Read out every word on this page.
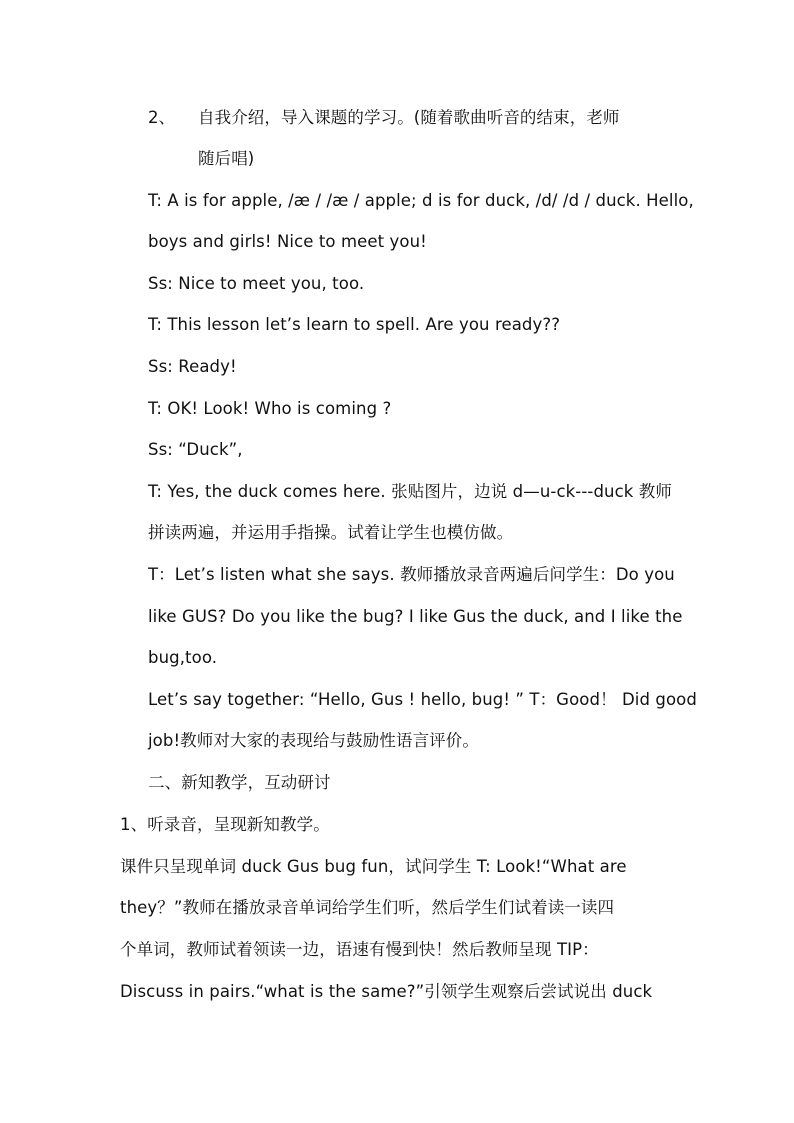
2、 自我介绍，导入课题的学习。(随着歌曲听音的结束，老师
随后唱)
T: A is for apple, /æ / /æ / apple; d is for duck, /d/ /d / duck. Hello,
boys and girls! Nice to meet you!
Ss: Nice to meet you, too.
T: This lesson let’s learn to spell. Are you ready??
Ss: Ready!
T: OK! Look! Who is coming ?
Ss: “Duck”,
T: Yes, the duck comes here. 张贴图片，边说 d—u-ck---duck 教师
拼读两遍，并运用手指操。试着让学生也模仿做。
T：Let’s listen what she says. 教师播放录音两遍后问学生：Do you
like GUS? Do you like the bug? I like Gus the duck, and I like the
bug,too.
Let’s say together: “Hello, Gus ! hello, bug! ” T：Good！ Did good
job!教师对大家的表现给与鼓励性语言评价。
二、新知教学，互动研讨
1、听录音，呈现新知教学。
课件只呈现单词 duck Gus bug fun，试问学生 T: Look!“What are
they？”教师在播放录音单词给学生们听，然后学生们试着读一读四
个单词，教师试着领读一边，语速有慢到快！然后教师呈现 TIP：
Discuss in pairs.“what is the same?”引领学生观察后尝试说出 duck
